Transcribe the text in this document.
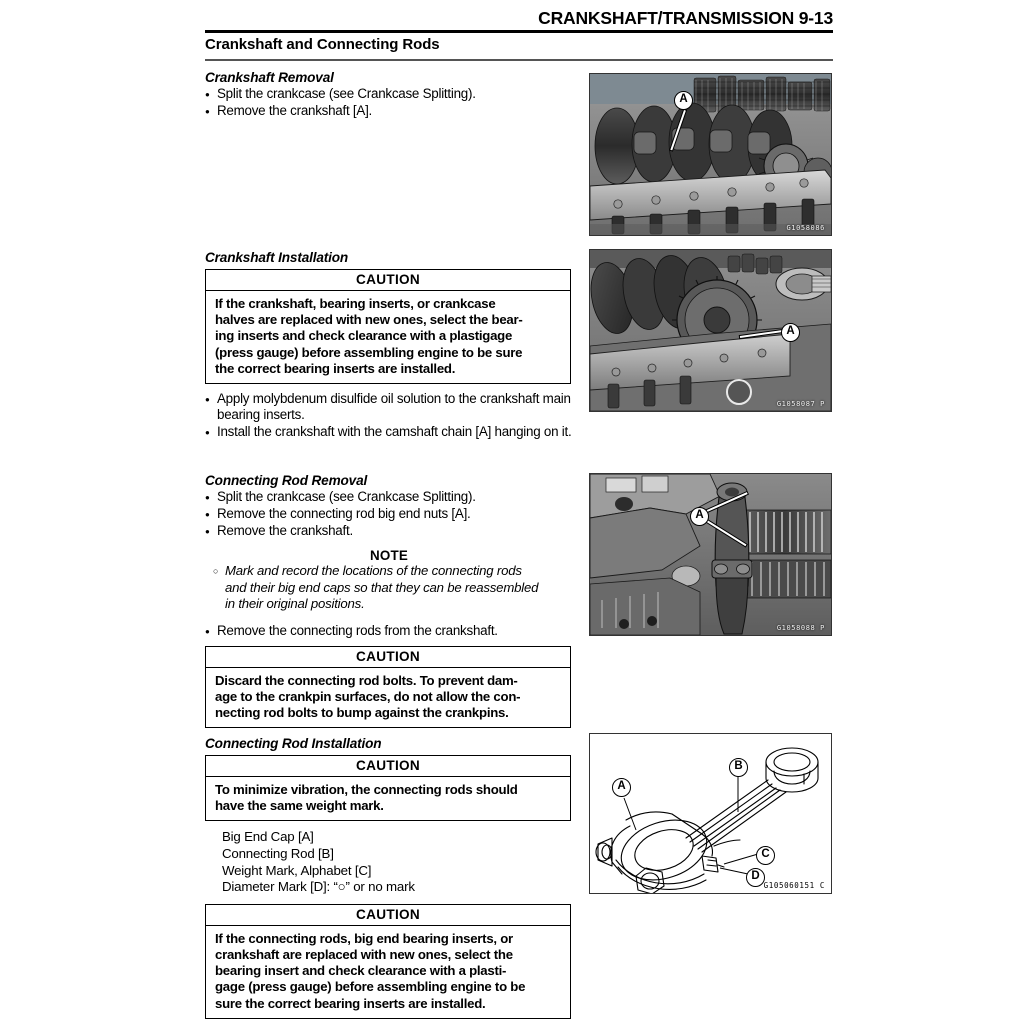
CRANKSHAFT/TRANSMISSION 9-13
Crankshaft and Connecting Rods
Crankshaft Removal
● Split the crankcase (see Crankcase Splitting).
● Remove the crankshaft [A].
Crankshaft Installation
CAUTION
If the crankshaft, bearing inserts, or crankcase
halves are replaced with new ones, select the bear-
ing inserts and check clearance with a plastigage
(press gauge) before assembling engine to be sure
the correct bearing inserts are installed.
● Apply molybdenum disulfide oil solution to the crankshaft main bearing inserts.
● Install the crankshaft with the camshaft chain [A] hanging on it.
Connecting Rod Removal
● Split the crankcase (see Crankcase Splitting).
● Remove the connecting rod big end nuts [A].
● Remove the crankshaft.
NOTE
○ Mark and record the locations of the connecting rods
and their big end caps so that they can be reassembled
in their original positions.
● Remove the connecting rods from the crankshaft.
CAUTION
Discard the connecting rod bolts. To prevent dam-
age to the crankpin surfaces, do not allow the con-
necting rod bolts to bump against the crankpins.
Connecting Rod Installation
CAUTION
To minimize vibration, the connecting rods should
have the same weight mark.
Big End Cap [A]
Connecting Rod [B]
Weight Mark, Alphabet [C]
Diameter Mark [D]: “○” or no mark
CAUTION
If the connecting rods, big end bearing inserts, or
crankshaft are replaced with new ones, select the
bearing insert and check clearance with a plasti-
gage (press gauge) before assembling engine to be
sure the correct bearing inserts are installed.
A
G1058086
A
G1058087 P
A
G1058088 P
A
B
C
D
G105060151 C
